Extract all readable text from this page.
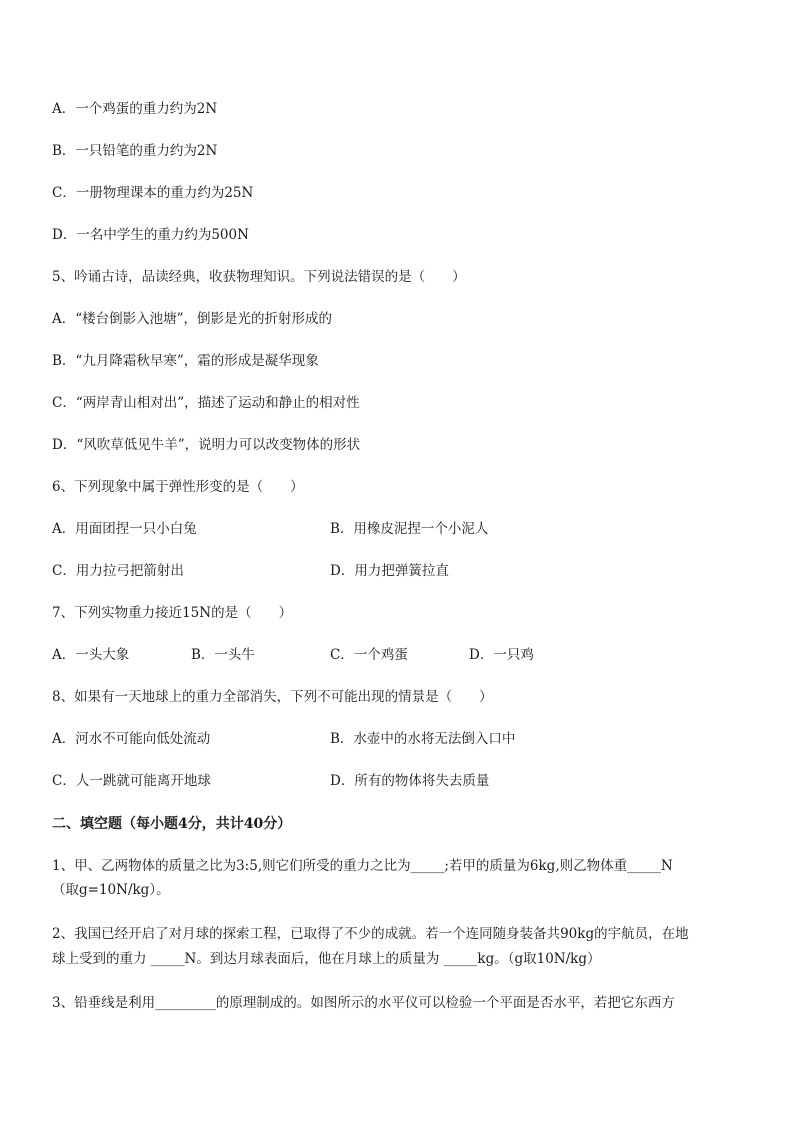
A．一个鸡蛋的重力约为2N
B．一只铅笔的重力约为2N
C．一册物理课本的重力约为25N
D．一名中学生的重力约为500N
5、吟诵古诗，品读经典，收获物理知识。下列说法错误的是（　　）
A．“楼台倒影入池塘”，倒影是光的折射形成的
B．“九月降霜秋早寒”，霜的形成是凝华现象
C．“两岸青山相对出”，描述了运动和静止的相对性
D．“风吹草低见牛羊”，说明力可以改变物体的形状
6、下列现象中属于弹性形变的是（　　）
A．用面团捏一只小白兔	B．用橡皮泥捏一个小泥人
C．用力拉弓把箭射出	D．用力把弹簧拉直
7、下列实物重力接近15N的是（　　）
A．一头大象	B．一头牛	C．一个鸡蛋	D．一只鸡
8、如果有一天地球上的重力全部消失，下列不可能出现的情景是（　　）
A．河水不可能向低处流动	B．水壶中的水将无法倒入口中
C．人一跳就可能离开地球	D．所有的物体将失去质量
二、填空题（每小题4分，共计40分）
1、甲、乙两物体的质量之比为3:5,则它们所受的重力之比为_____;若甲的质量为6kg,则乙物体重_____N
（取g=10N/kg）。
2、我国已经开启了对月球的探索工程，已取得了不少的成就。若一个连同随身装备共90kg的宇航员，在地
球上受到的重力 _____N。到达月球表面后，他在月球上的质量为 _____kg。（g取10N/kg）
3、铅垂线是利用_________的原理制成的。如图所示的水平仪可以检验一个平面是否水平，若把它东西方
